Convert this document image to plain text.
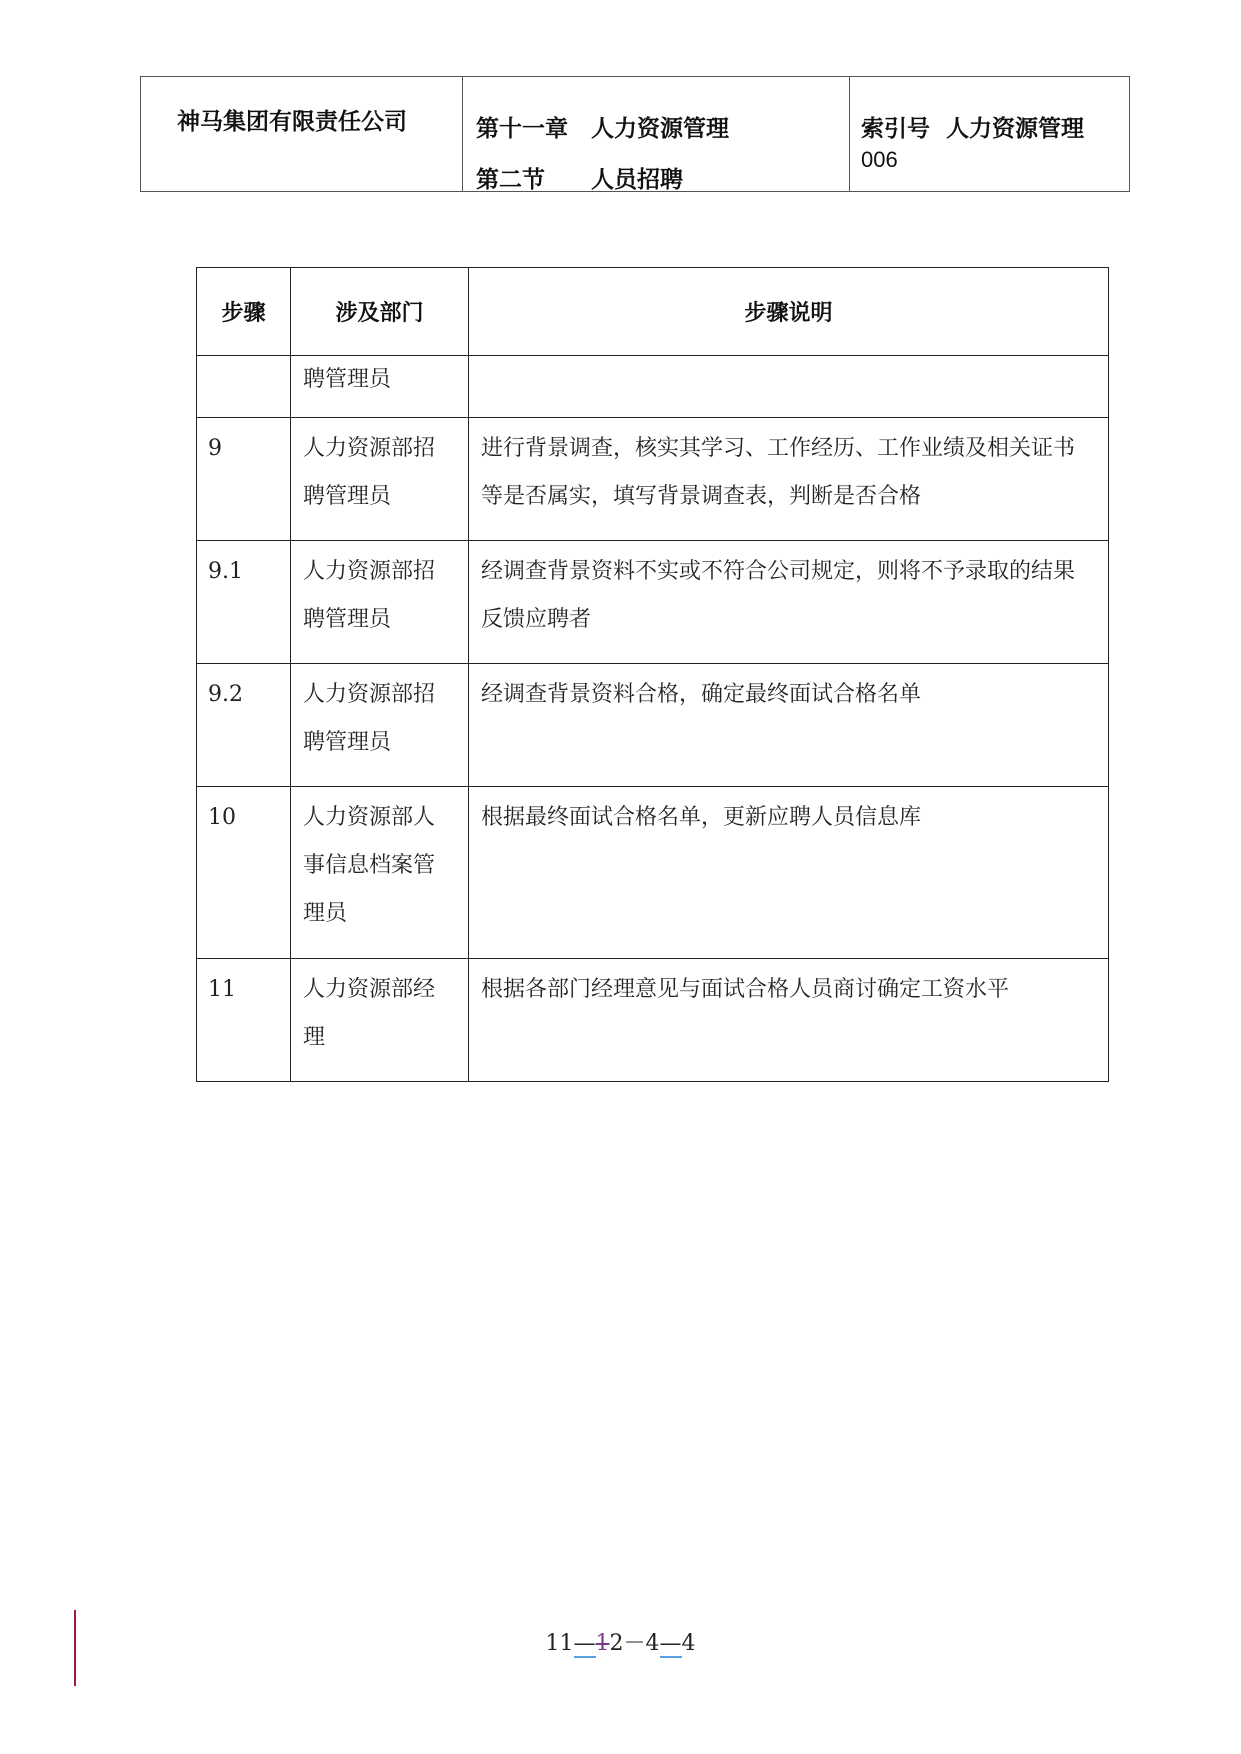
神马集团有限责任公司	第十一章　人力资源管理
第二节　　人员招聘
索引号  人力资源管理
006
步骤	涉及部门	步骤说明
	聘管理员	
9	人力资源部招聘管理员	进行背景调查，核实其学习、工作经历、工作业绩及相关证书等是否属实，填写背景调查表，判断是否合格
9.1	人力资源部招聘管理员	经调查背景资料不实或不符合公司规定，则将不予录取的结果反馈应聘者
9.2	人力资源部招聘管理员	经调查背景资料合格，确定最终面试合格名单
10	人力资源部人事信息档案管理员	根据最终面试合格名单，更新应聘人员信息库
11	人力资源部经理	根据各部门经理意见与面试合格人员商讨确定工资水平
11—12－4—4
